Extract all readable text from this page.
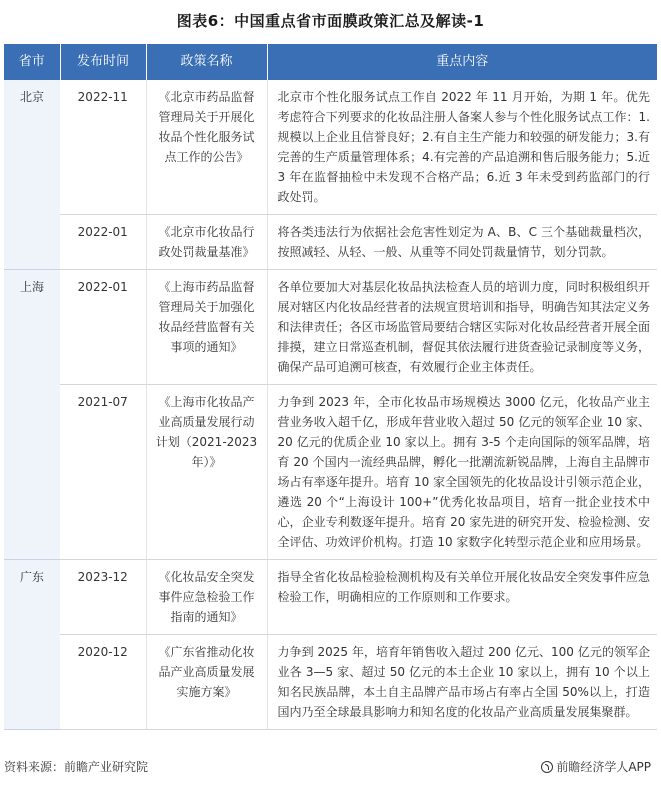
图表6：中国重点省市面膜政策汇总及解读-1
省市	发布时间	政策名称	重点内容
北京	2022-11	《北京市药品监督管理局关于开展化妆品个性化服务试点工作的公告》	北京市个性化服务试点工作自 2022 年 11 月开始，为期 1 年。优先考虑符合下列要求的化妆品注册人备案人参与个性化服务试点工作：1.规模以上企业且信誉良好；2.有自主生产能力和较强的研发能力；3.有完善的生产质量管理体系；4.有完善的产品追溯和售后服务能力；5.近 3 年在监督抽检中未发现不合格产品；6.近 3 年未受到药监部门的行政处罚。
	2022-01	《北京市化妆品行政处罚裁量基准》	将各类违法行为依据社会危害性划定为 A、B、C 三个基础裁量档次，按照减轻、从轻、一般、从重等不同处罚裁量情节，划分罚款。
上海	2022-01	《上海市药品监督管理局关于加强化妆品经营监督有关事项的通知》	各单位要加大对基层化妆品执法检查人员的培训力度，同时积极组织开展对辖区内化妆品经营者的法规宣贯培训和指导，明确告知其法定义务和法律责任；各区市场监管局要结合辖区实际对化妆品经营者开展全面排摸，建立日常巡查机制，督促其依法履行进货查验记录制度等义务，确保产品可追溯可核查，有效履行企业主体责任。
	2021-07	《上海市化妆品产业高质量发展行动计划（2021-2023 年）》	力争到 2023 年，全市化妆品市场规模达 3000 亿元，化妆品产业主营业务收入超千亿，形成年营业收入超过 50 亿元的领军企业 10 家、20 亿元的优质企业 10 家以上。拥有 3-5 个走向国际的领军品牌，培育 20 个国内一流经典品牌，孵化一批潮流新锐品牌，上海自主品牌市场占有率逐年提升。培育 10 家全国领先的化妆品设计引领示范企业，遴选 20 个“上海设计 100+”优秀化妆品项目，培育一批企业技术中心，企业专利数逐年提升。培育 20 家先进的研究开发、检验检测、安全评估、功效评价机构。打造 10 家数字化转型示范企业和应用场景。
广东	2023-12	《化妆品安全突发事件应急检验工作指南的通知》	指导全省化妆品检验检测机构及有关单位开展化妆品安全突发事件应急检验工作，明确相应的工作原则和工作要求。
	2020-12	《广东省推动化妆品产业高质量发展实施方案》	力争到 2025 年，培育年销售收入超过 200 亿元、100 亿元的领军企业各 3—5 家、超过 50 亿元的本土企业 10 家以上，拥有 10 个以上知名民族品牌，本土自主品牌产品市场占有率占全国 50%以上，打造国内乃至全球最具影响力和知名度的化妆品产业高质量发展集聚群。
资料来源：前瞻产业研究院	前瞻经济学人APP
